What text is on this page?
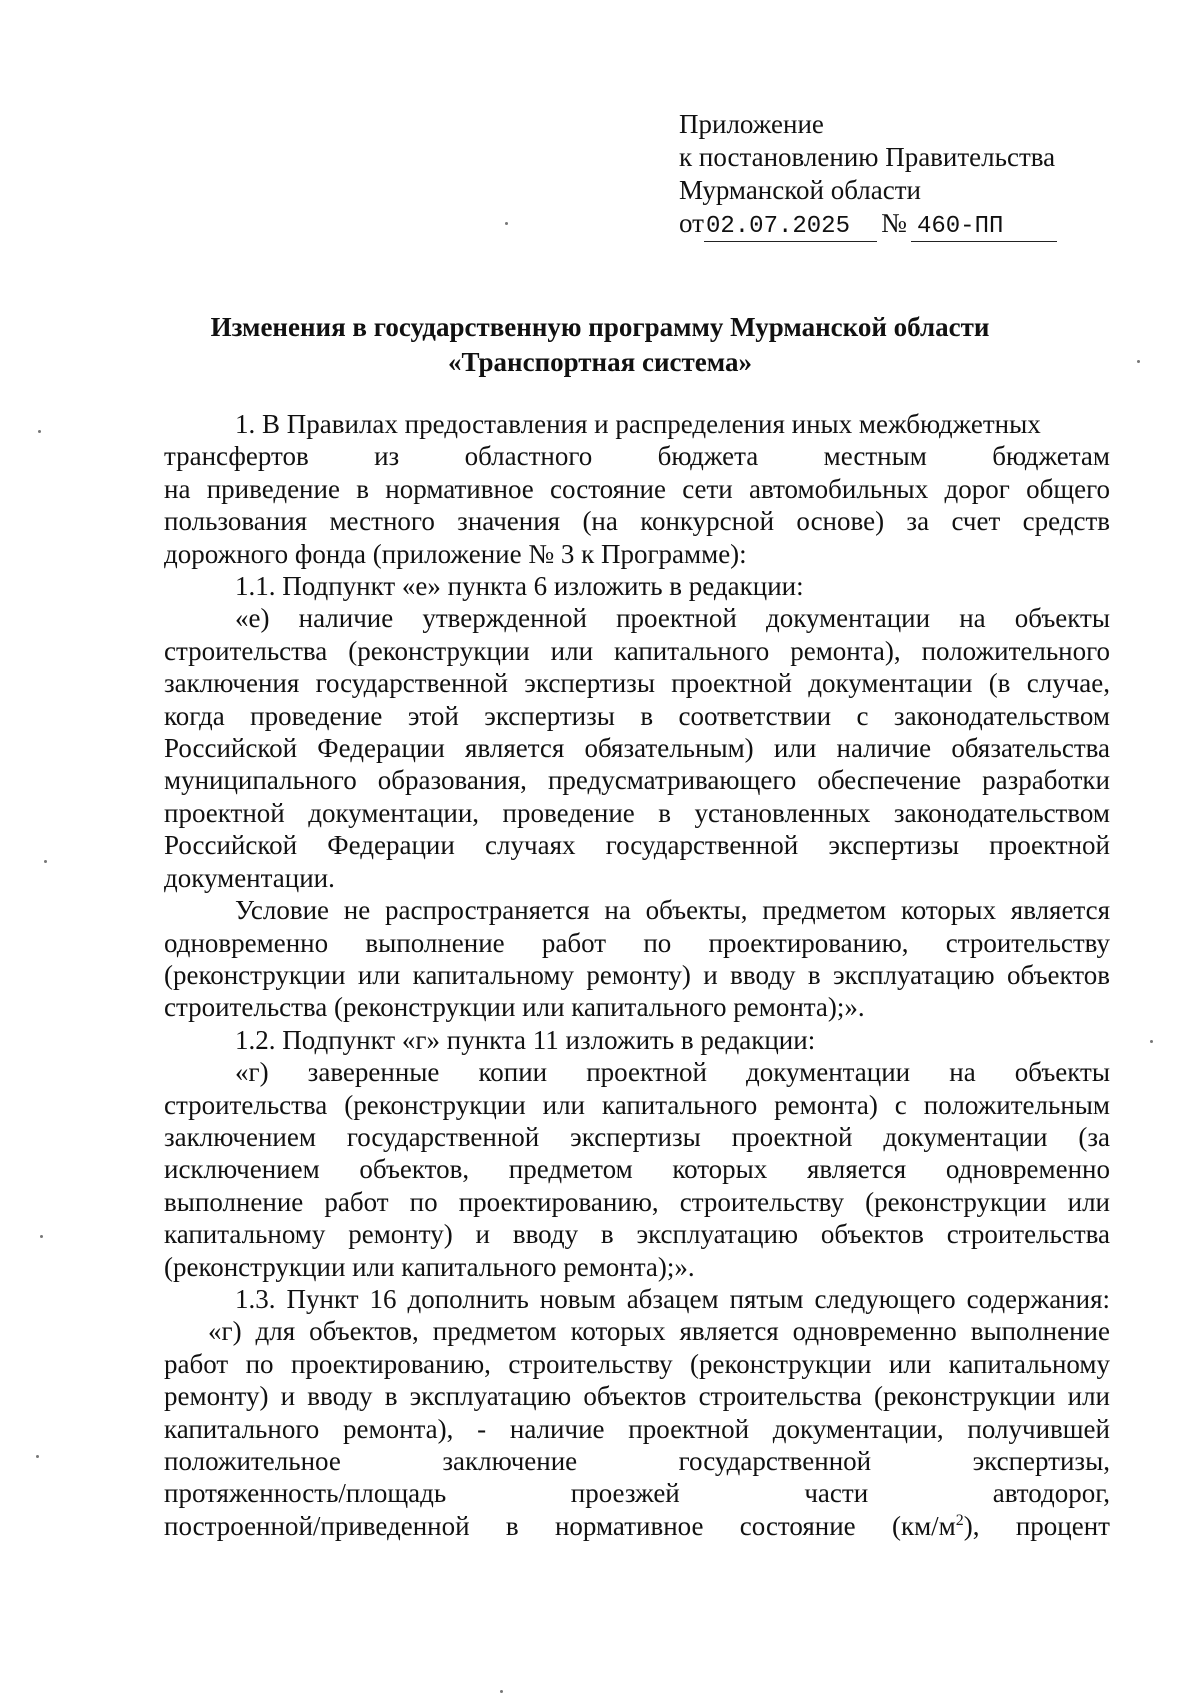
Приложение
к постановлению Правительства
Мурманской области
от02.07.2025 № 460-ПП
Изменения в государственную программу Мурманской области
«Транспортная система»
1. В Правилах предоставления и распределения иных межбюджетных
трансфертов из областного бюджета местным бюджетам
на приведение в нормативное состояние сети автомобильных дорог общего
пользования местного значения (на конкурсной основе) за счет средств
дорожного фонда (приложение № 3 к Программе):
1.1. Подпункт «е» пункта 6 изложить в редакции:
«е) наличие утвержденной проектной документации на объекты
строительства (реконструкции или капитального ремонта), положительного
заключения государственной экспертизы проектной документации (в случае,
когда проведение этой экспертизы в соответствии с законодательством
Российской Федерации является обязательным) или наличие обязательства
муниципального образования, предусматривающего обеспечение разработки
проектной документации, проведение в установленных законодательством
Российской Федерации случаях государственной экспертизы проектной
документации.
Условие не распространяется на объекты, предметом которых является
одновременно выполнение работ по проектированию, строительству
(реконструкции или капитальному ремонту) и вводу в эксплуатацию объектов
строительства (реконструкции или капитального ремонта);».
1.2. Подпункт «г» пункта 11 изложить в редакции:
«г) заверенные копии проектной документации на объекты
строительства (реконструкции или капитального ремонта) с положительным
заключением государственной экспертизы проектной документации (за
исключением объектов, предметом которых является одновременно
выполнение работ по проектированию, строительству (реконструкции или
капитальному ремонту) и вводу в эксплуатацию объектов строительства
(реконструкции или капитального ремонта);».
1.3. Пункт 16 дополнить новым абзацем пятым следующего содержания:
«г) для объектов, предметом которых является одновременно выполнение
работ по проектированию, строительству (реконструкции или капитальному
ремонту) и вводу в эксплуатацию объектов строительства (реконструкции или
капитального ремонта), - наличие проектной документации, получившей
положительное заключение государственной экспертизы,
протяженность/площадь проезжей части автодорог,
построенной/приведенной в нормативное состояние $(км/м^2)$, процент
